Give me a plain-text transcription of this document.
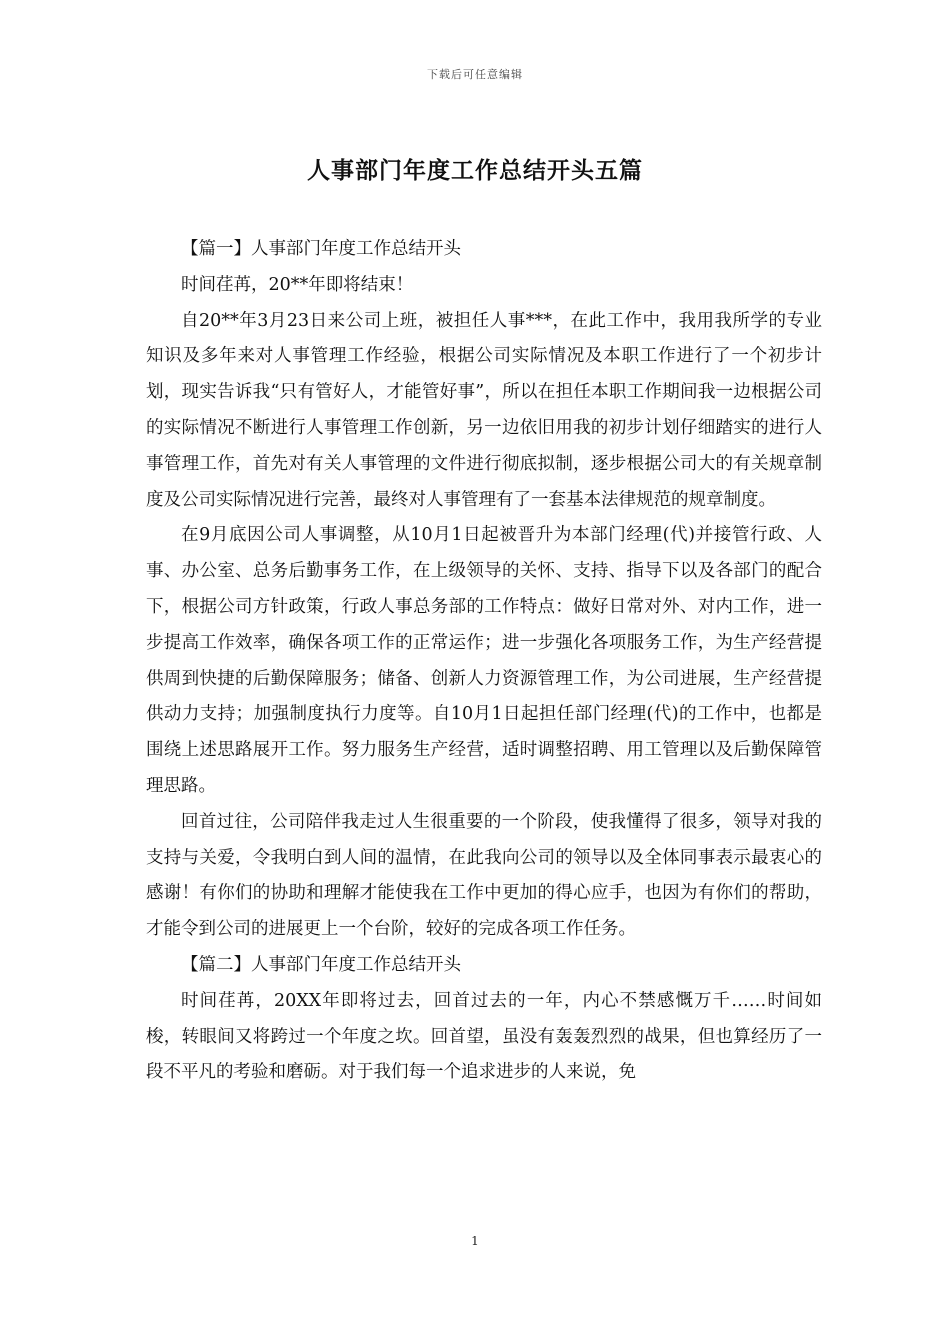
下载后可任意编辑
人事部门年度工作总结开头五篇

【篇一】人事部门年度工作总结开头

时间荏苒，20**年即将结束！

自20**年3月23日来公司上班，被担任人事***，在此工作中，我用我所学的专业知识及多年来对人事管理工作经验，根据公司实际情况及本职工作进行了一个初步计划，现实告诉我“只有管好人，才能管好事”，所以在担任本职工作期间我一边根据公司的实际情况不断进行人事管理工作创新，另一边依旧用我的初步计划仔细踏实的进行人事管理工作，首先对有关人事管理的文件进行彻底拟制，逐步根据公司大的有关规章制度及公司实际情况进行完善，最终对人事管理有了一套基本法律规范的规章制度。

在9月底因公司人事调整，从10月1日起被晋升为本部门经理(代)并接管行政、人事、办公室、总务后勤事务工作，在上级领导的关怀、支持、指导下以及各部门的配合下，根据公司方针政策，行政人事总务部的工作特点：做好日常对外、对内工作，进一步提高工作效率，确保各项工作的正常运作；进一步强化各项服务工作，为生产经营提供周到快捷的后勤保障服务；储备、创新人力资源管理工作，为公司进展，生产经营提供动力支持；加强制度执行力度等。自10月1日起担任部门经理(代)的工作中，也都是围绕上述思路展开工作。努力服务生产经营，适时调整招聘、用工管理以及后勤保障管理思路。

回首过往，公司陪伴我走过人生很重要的一个阶段，使我懂得了很多，领导对我的支持与关爱，令我明白到人间的温情，在此我向公司的领导以及全体同事表示最衷心的感谢！有你们的协助和理解才能使我在工作中更加的得心应手，也因为有你们的帮助，才能令到公司的进展更上一个台阶，较好的完成各项工作任务。

【篇二】人事部门年度工作总结开头

时间荏苒，20XX年即将过去，回首过去的一年，内心不禁感慨万千……时间如梭，转眼间又将跨过一个年度之坎。回首望，虽没有轰轰烈烈的战果，但也算经历了一段不平凡的考验和磨砺。对于我们每一个追求进步的人来说，免

1
